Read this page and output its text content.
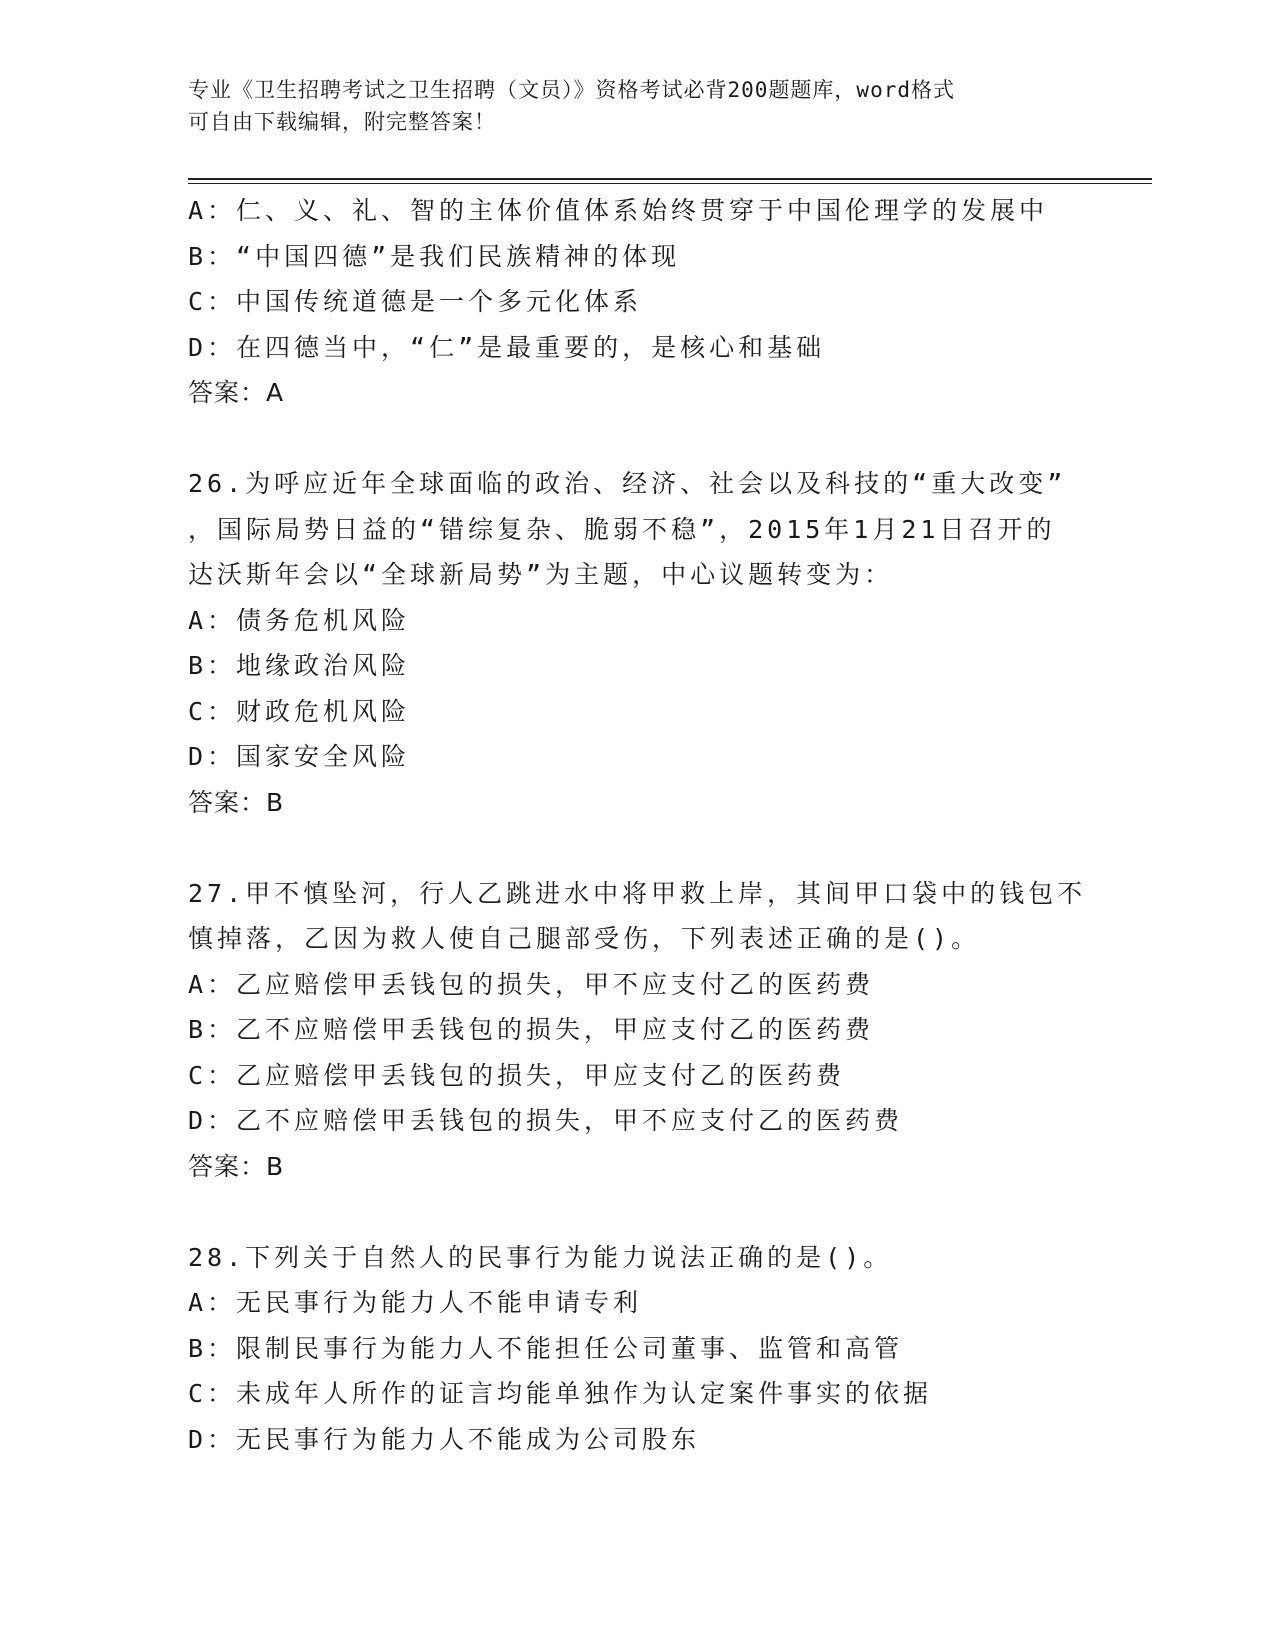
专业《卫生招聘考试之卫生招聘（文员）》资格考试必背200题题库，word格式
可自由下载编辑，附完整答案！
A：仁、义、礼、智的主体价值体系始终贯穿于中国伦理学的发展中
B：“中国四德”是我们民族精神的体现
C：中国传统道德是一个多元化体系
D：在四德当中，“仁”是最重要的，是核心和基础
答案：A
26.为呼应近年全球面临的政治、经济、社会以及科技的“重大改变”
，国际局势日益的“错综复杂、脆弱不稳”，2015年1月21日召开的
达沃斯年会以“全球新局势”为主题，中心议题转变为：
A：债务危机风险
B：地缘政治风险
C：财政危机风险
D：国家安全风险
答案：B
27.甲不慎坠河，行人乙跳进水中将甲救上岸，其间甲口袋中的钱包不
慎掉落，乙因为救人使自己腿部受伤，下列表述正确的是()。
A：乙应赔偿甲丢钱包的损失，甲不应支付乙的医药费
B：乙不应赔偿甲丢钱包的损失，甲应支付乙的医药费
C：乙应赔偿甲丢钱包的损失，甲应支付乙的医药费
D：乙不应赔偿甲丢钱包的损失，甲不应支付乙的医药费
答案：B
28.下列关于自然人的民事行为能力说法正确的是()。
A：无民事行为能力人不能申请专利
B：限制民事行为能力人不能担任公司董事、监管和高管
C：未成年人所作的证言均能单独作为认定案件事实的依据
D：无民事行为能力人不能成为公司股东
